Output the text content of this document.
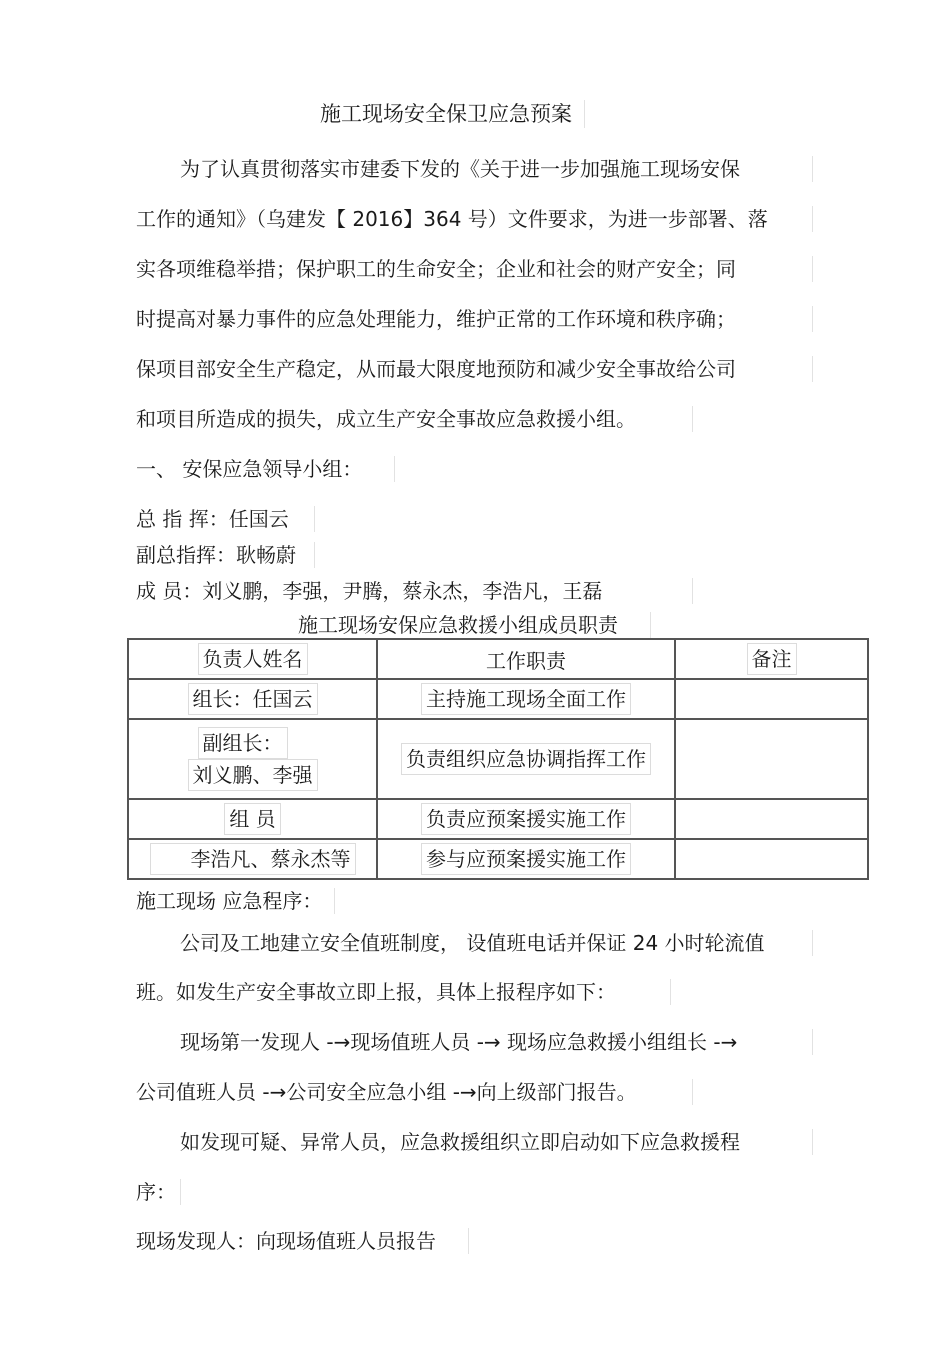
施工现场安全保卫应急预案
为了认真贯彻落实市建委下发的《关于进一步加强施工现场安保
工作的通知》（乌建发【 2016】364 号）文件要求，为进一步部署、落
实各项维稳举措；保护职工的生命安全；企业和社会的财产安全；同
时提高对暴力事件的应急处理能力，维护正常的工作环境和秩序确；
保项目部安全生产稳定，从而最大限度地预防和减少安全事故给公司
和项目所造成的损失，成立生产安全事故应急救援小组。
一、 安保应急领导小组：
总 指 挥：任国云
副总指挥：耿畅蔚
成 员：刘义鹏，李强，尹腾，蔡永杰，李浩凡，王磊
施工现场安保应急救援小组成员职责
负责人姓名	工作职责	备注
组长：任国云	主持施工现场全面工作	
副组长：
刘义鹏、李强	负责组织应急协调指挥工作	
组 员	负责应预案援实施工作	
李浩凡、蔡永杰等	参与应预案援实施工作	
施工现场 应急程序：
公司及工地建立安全值班制度， 设值班电话并保证 24 小时轮流值
班。如发生产安全事故立即上报，具体上报程序如下：
现场第一发现人 -→现场值班人员 -→ 现场应急救援小组组长 -→
公司值班人员 -→公司安全应急小组 -→向上级部门报告。
如发现可疑、异常人员，应急救援组织立即启动如下应急救援程
序：
现场发现人：向现场值班人员报告
